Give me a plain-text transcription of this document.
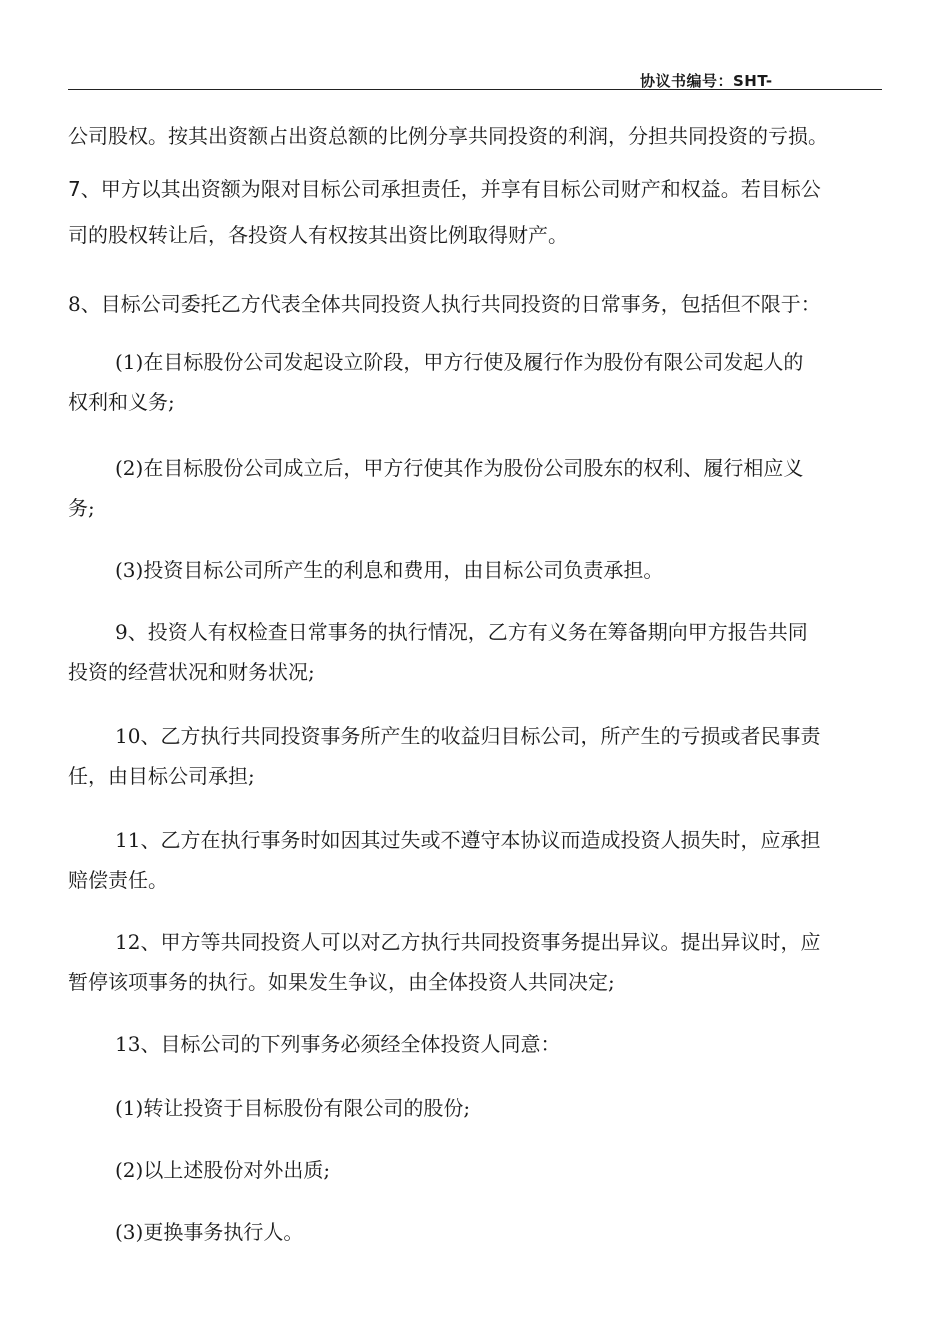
协议书编号：SHT-
公司股权。按其出资额占出资总额的比例分享共同投资的利润，分担共同投资的亏损。
7、甲方以其出资额为限对目标公司承担责任，并享有目标公司财产和权益。若目标公
司的股权转让后，各投资人有权按其出资比例取得财产。
8、目标公司委托乙方代表全体共同投资人执行共同投资的日常事务，包括但不限于：
(1)在目标股份公司发起设立阶段，甲方行使及履行作为股份有限公司发起人的
权利和义务;
(2)在目标股份公司成立后，甲方行使其作为股份公司股东的权利、履行相应义
务;
(3)投资目标公司所产生的利息和费用，由目标公司负责承担。
9、投资人有权检查日常事务的执行情况，乙方有义务在筹备期向甲方报告共同
投资的经营状况和财务状况;
10、乙方执行共同投资事务所产生的收益归目标公司，所产生的亏损或者民事责
任，由目标公司承担;
11、乙方在执行事务时如因其过失或不遵守本协议而造成投资人损失时，应承担
赔偿责任。
12、甲方等共同投资人可以对乙方执行共同投资事务提出异议。提出异议时，应
暂停该项事务的执行。如果发生争议，由全体投资人共同决定;
13、目标公司的下列事务必须经全体投资人同意：
(1)转让投资于目标股份有限公司的股份;
(2)以上述股份对外出质;
(3)更换事务执行人。
